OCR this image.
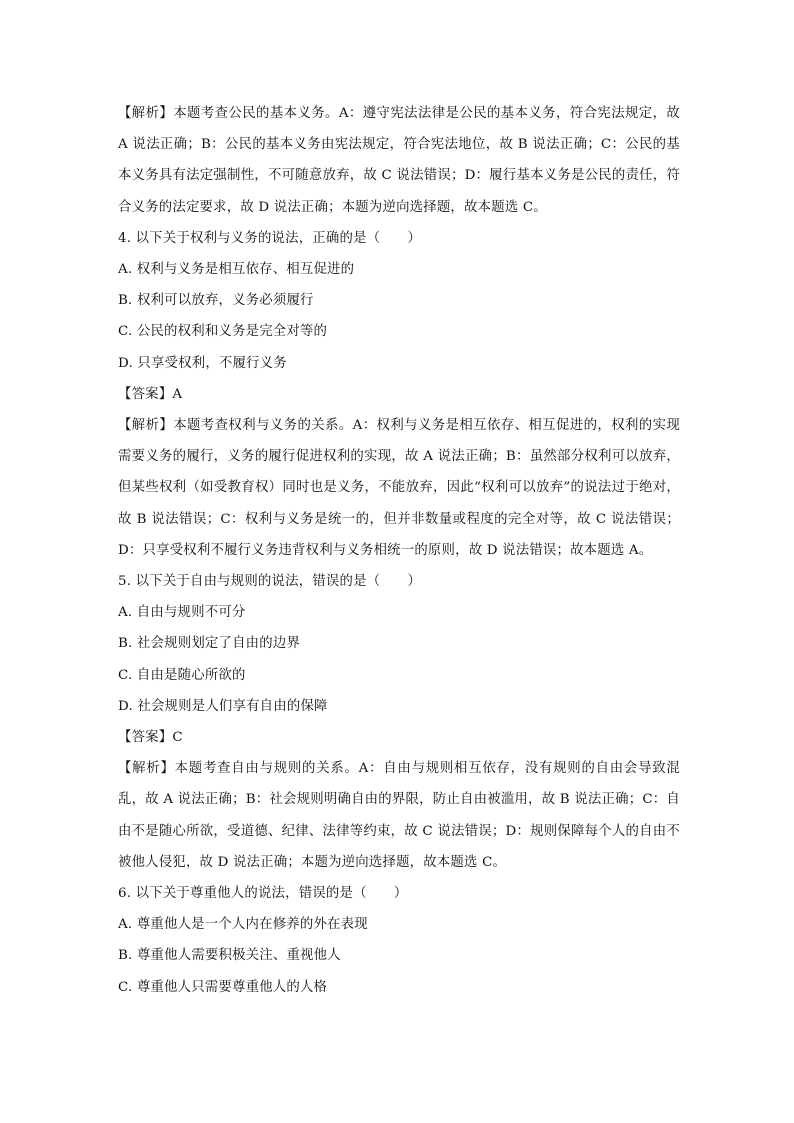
【解析】本题考查公民的基本义务。A：遵守宪法法律是公民的基本义务，符合宪法规定，故 A 说法正确；B：公民的基本义务由宪法规定，符合宪法地位，故 B 说法正确；C：公民的基本义务具有法定强制性，不可随意放弃，故 C 说法错误；D：履行基本义务是公民的责任，符合义务的法定要求，故 D 说法正确；本题为逆向选择题，故本题选 C。

4. 以下关于权利与义务的说法，正确的是（　　）

A. 权利与义务是相互依存、相互促进的

B. 权利可以放弃，义务必须履行

C. 公民的权利和义务是完全对等的

D. 只享受权利，不履行义务

【答案】A

【解析】本题考查权利与义务的关系。A：权利与义务是相互依存、相互促进的，权利的实现需要义务的履行，义务的履行促进权利的实现，故 A 说法正确；B：虽然部分权利可以放弃，但某些权利（如受教育权）同时也是义务，不能放弃，因此“权利可以放弃”的说法过于绝对，故 B 说法错误；C：权利与义务是统一的，但并非数量或程度的完全对等，故 C 说法错误；D：只享受权利不履行义务违背权利与义务相统一的原则，故 D 说法错误；故本题选 A。

5. 以下关于自由与规则的说法，错误的是（　　）

A. 自由与规则不可分

B. 社会规则划定了自由的边界

C. 自由是随心所欲的

D. 社会规则是人们享有自由的保障

【答案】C

【解析】本题考查自由与规则的关系。A：自由与规则相互依存，没有规则的自由会导致混乱，故 A 说法正确；B：社会规则明确自由的界限，防止自由被滥用，故 B 说法正确；C：自由不是随心所欲，受道德、纪律、法律等约束，故 C 说法错误；D：规则保障每个人的自由不被他人侵犯，故 D 说法正确；本题为逆向选择题，故本题选 C。

6. 以下关于尊重他人的说法，错误的是（　　）

A. 尊重他人是一个人内在修养的外在表现

B. 尊重他人需要积极关注、重视他人

C. 尊重他人只需要尊重他人的人格
